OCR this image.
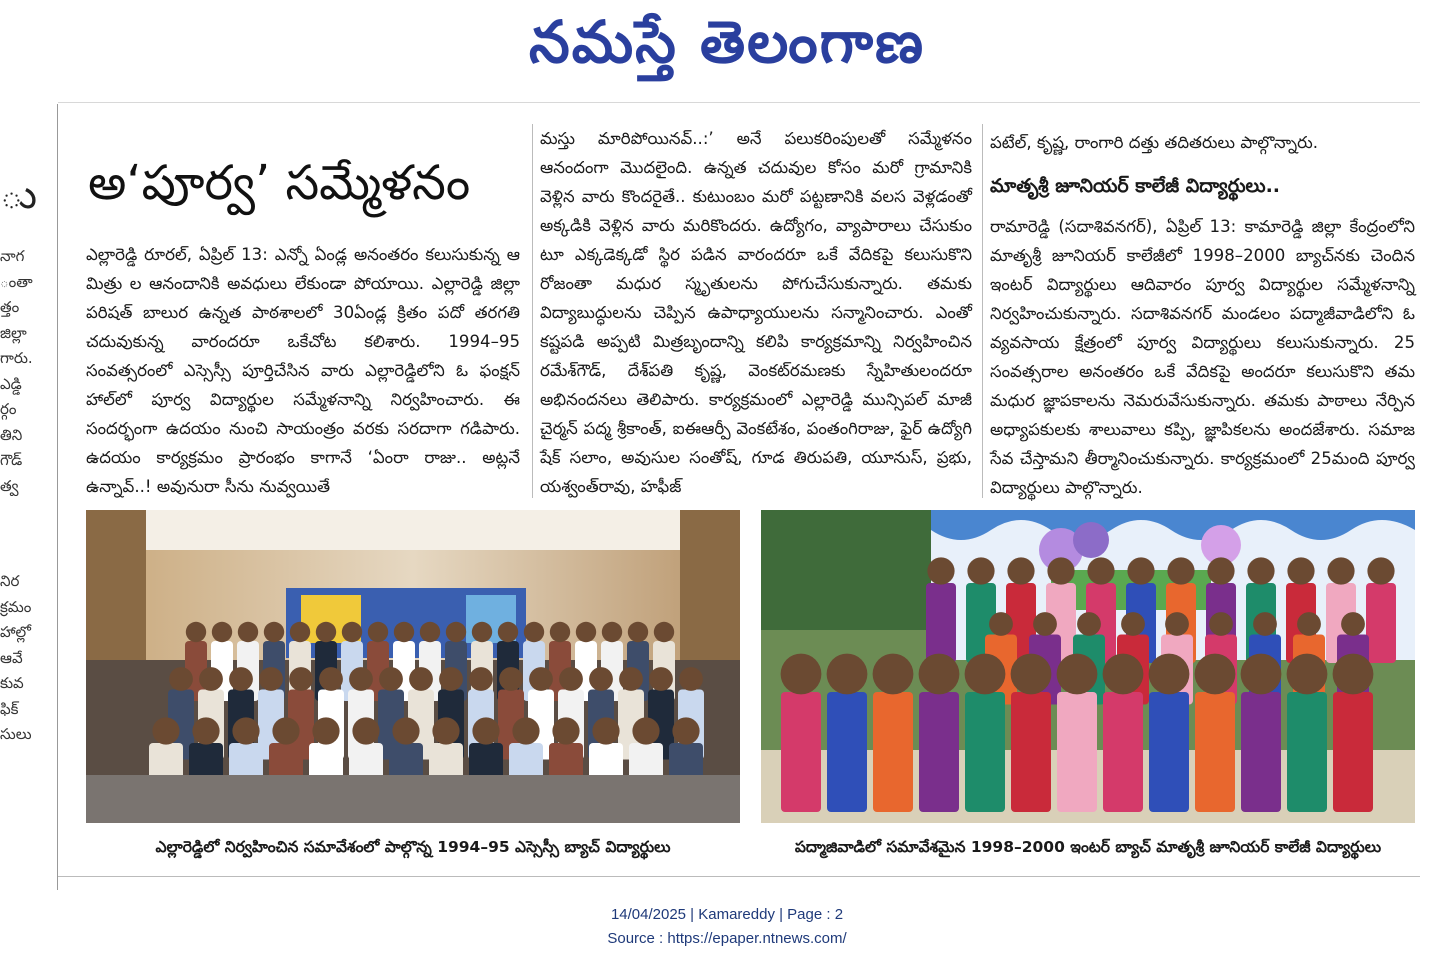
నమస్తే తెలంగాణ
ు
నాగ
ంతా
త్తం
జిల్లా
గారు.
ఎడ్డి
ర్గం
తిని
గౌడ్‌
త్వ
నిర
క్రమం
హాల్లో
ఆవే
కువ
ఫిక్‌
సులు
అ‘పూర్వ’ సమ్మేళనం

ఎల్లారెడ్డి రూరల్‌, ఏప్రిల్‌ 13: ఎన్నో ఏండ్ల అనంతరం కలుసుకున్న ఆ మిత్రు ల ఆనందానికి అవధులు లేకుండా పోయాయి. ఎల్లారెడ్డి జిల్లా పరిషత్‌ బాలుర ఉన్నత పాఠశాలలో 30ఏండ్ల క్రితం పదో తరగతి చదువుకున్న వారందరూ ఒకేచోట కలిశారు. 1994–95 సంవత్సరంలో ఎస్సెస్సీ పూర్తిచేసిన వారు ఎల్లారెడ్డిలోని ఓ ఫంక్షన్‌ హాల్‌లో పూర్వ విద్యార్థుల సమ్మేళనాన్ని నిర్వహించారు. ఈ సందర్భంగా ఉదయం నుంచి సాయంత్రం వరకు సరదాగా గడిపారు. ఉదయం కార్యక్రమం ప్రారంభం కాగానే ‘ఏంరా రాజు.. అట్లనే ఉన్నావ్‌..! అవునురా సీను నువ్వయితే

మస్తు మారిపోయినవ్‌..:’ అనే పలుకరింపులతో సమ్మేళనం ఆనందంగా మొదలైంది. ఉన్నత చదువుల కోసం మరో గ్రామానికి వెళ్లిన వారు కొందరైతే.. కుటుంబం మరో పట్టణానికి వలస వెళ్లడంతో అక్కడికి వెళ్లిన వారు మరికొందరు. ఉద్యోగం, వ్యాపారాలు చేసుకుం టూ ఎక్కడెక్కడో స్థిర పడిన వారందరూ ఒకే వేదికపై కలుసుకొని రోజంతా మధుర స్మృతులను పోగుచేసుకున్నారు. తమకు విద్యాబుద్ధులను చెప్పిన ఉపాధ్యాయులను సన్మానించారు. ఎంతో కష్టపడి అప్పటి మిత్రబృందాన్ని కలిపి కార్యక్రమాన్ని నిర్వహించిన రమేశ్‌గౌడ్‌, దేశ్‌పతి కృష్ణ, వెంకట్‌రమణకు స్నేహితులందరూ అభినందనలు తెలిపారు. కార్యక్రమంలో ఎల్లారెడ్డి మున్సిపల్‌ మాజీ చైర్మన్‌ పద్మ శ్రీకాంత్‌, ఐఈఆర్పీ వెంకటేశం, పంతంగిరాజు, ఫైర్‌ ఉద్యోగి షేక్‌ సలాం, అవుసుల సంతోష్‌, గూడ తిరుపతి, యూనుస్‌, ప్రభు, యశ్వంత్‌రావు, హఫీజ్‌

పటేల్‌, కృష్ణ, రాంగారి దత్తు తదితరులు పాల్గొన్నారు.

మాతృశ్రీ జూనియర్‌ కాలేజీ విద్యార్థులు..

రామారెడ్డి (సదాశివనగర్‌), ఏప్రిల్‌ 13: కామారెడ్డి జిల్లా కేంద్రంలోని మాతృశ్రీ జూనియర్‌ కాలేజీలో 1998–2000 బ్యాచ్‌నకు చెందిన ఇంటర్‌ విద్యార్థులు ఆదివారం పూర్వ విద్యార్థుల సమ్మేళనాన్ని నిర్వహించుకున్నారు. సదాశివనగర్‌ మండలం పద్మాజీవాడిలోని ఓ వ్యవసాయ క్షేత్రంలో పూర్వ విద్యార్థులు కలుసుకున్నారు. 25 సంవత్సరాల అనంతరం ఒకే వేదికపై అందరూ కలుసుకొని తమ మధుర జ్ఞాపకాలను నెమరువేసుకున్నారు. తమకు పాఠాలు నేర్పిన అధ్యాపకులకు శాలువాలు కప్పి, జ్ఞాపికలను అందజేశారు. సమాజ సేవ చేస్తామని తీర్మానించుకున్నారు. కార్యక్రమంలో 25మంది పూర్వ విద్యార్థులు పాల్గొన్నారు.

ఎల్లారెడ్డిలో నిర్వహించిన సమావేశంలో పాల్గొన్న 1994–95 ఎస్సెస్సీ బ్యాచ్‌ విద్యార్థులు	పద్మాజివాడిలో సమావేశమైన 1998–2000 ఇంటర్‌ బ్యాచ్‌ మాతృశ్రీ జూనియర్‌ కాలేజీ విద్యార్థులు
14/04/2025 | Kamareddy | Page : 2
Source : https://epaper.ntnews.com/
